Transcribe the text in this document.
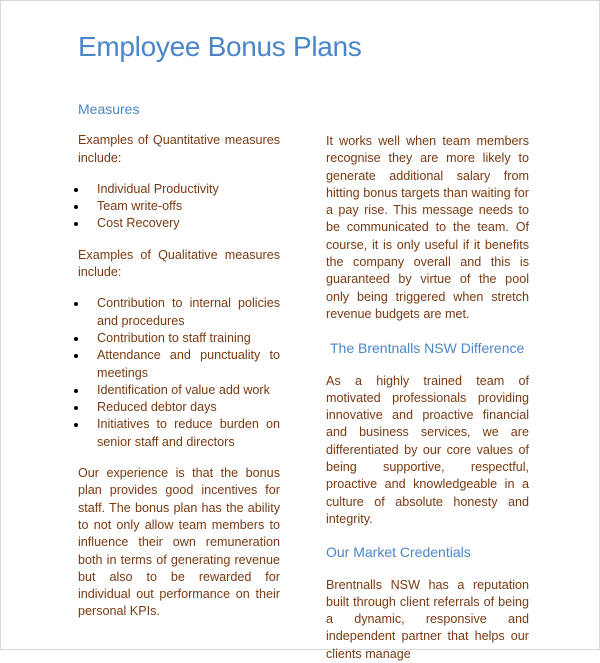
Employee Bonus Plans
Measures

Examples of Quantitative measures include:

Individual Productivity
Team write-offs
Cost Recovery

Examples of Qualitative measures include:

Contribution to internal policies and procedures
Contribution to staff training
Attendance and punctuality to meetings
Identification of value add work
Reduced debtor days
Initiatives to reduce burden on senior staff and directors

Our experience is that the bonus plan provides good incentives for staff. The bonus plan has the ability to not only allow team members to influence their own remuneration both in terms of generating revenue but also to be rewarded for individual out performance on their personal KPIs.

It works well when team members recognise they are more likely to generate additional salary from hitting bonus targets than waiting for a pay rise. This message needs to be communicated to the team. Of course, it is only useful if it benefits the company overall and this is guaranteed by virtue of the pool only being triggered when stretch revenue budgets are met.

The Brentnalls NSW Difference

As a highly trained team of motivated professionals providing innovative and proactive financial and business services, we are differentiated by our core values of being supportive, respectful, proactive and knowledgeable in a culture of absolute honesty and integrity.

Our Market Credentials

Brentnalls NSW has a reputation built through client referrals of being a dynamic, responsive and independent partner that helps our clients manage
